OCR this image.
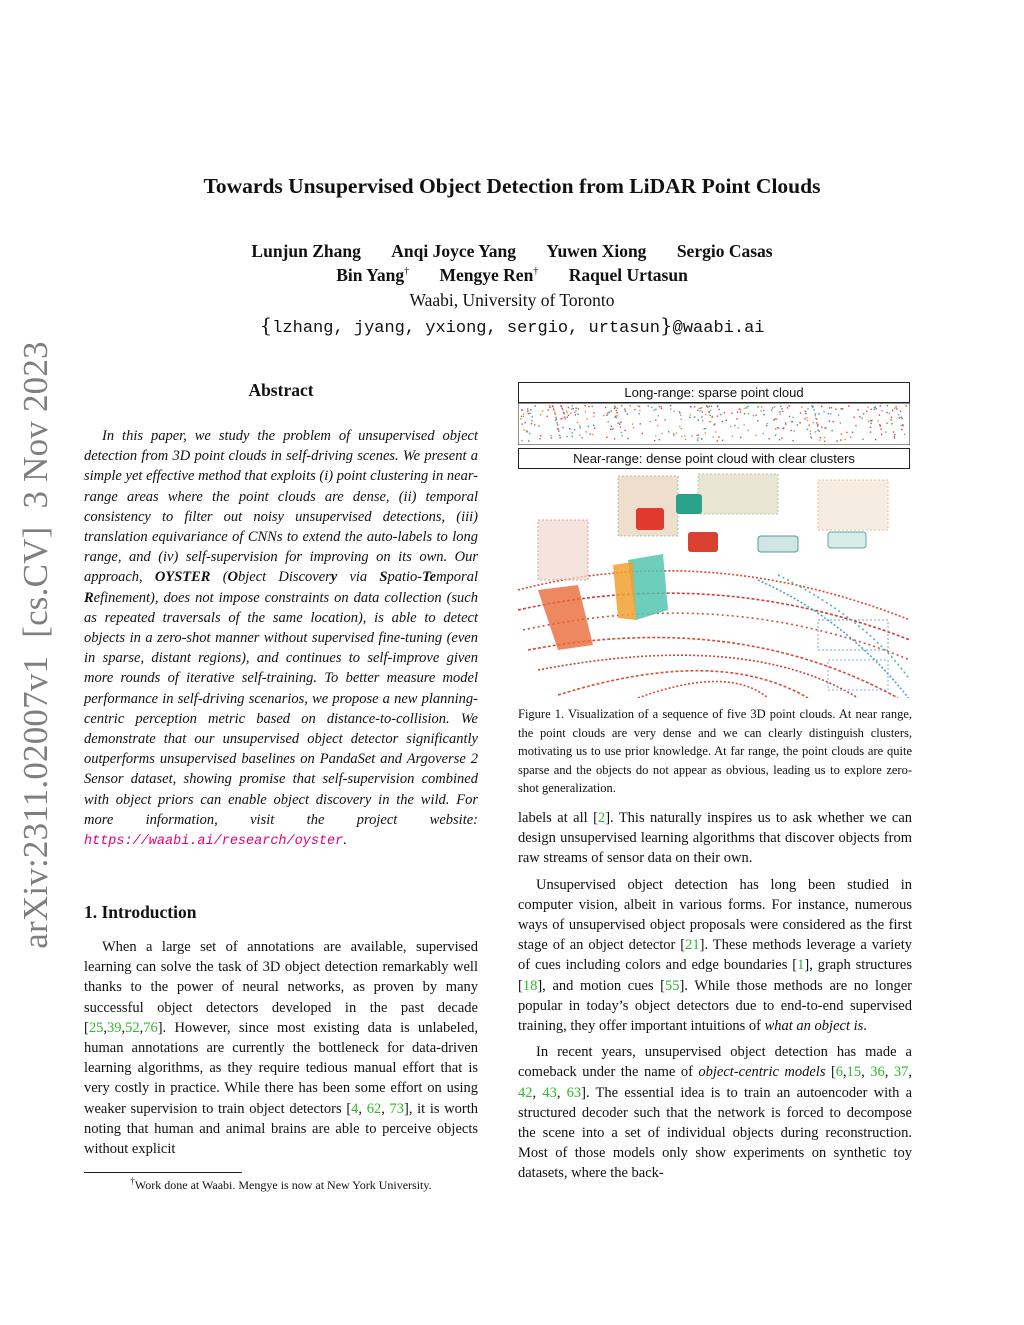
arXiv:2311.02007v1[cs.CV]3 Nov 2023
Towards Unsupervised Object Detection from LiDAR Point Clouds
Lunjun Zhang Anqi Joyce Yang Yuwen Xiong Sergio Casas
Bin Yang† Mengye Ren† Raquel Urtasun
Waabi, University of Toronto
{lzhang, jyang, yxiong, sergio, urtasun}@waabi.ai
Abstract

In this paper, we study the problem of unsupervised object detection from 3D point clouds in self-driving scenes. We present a simple yet effective method that exploits (i) point clustering in near-range areas where the point clouds are dense, (ii) temporal consistency to filter out noisy unsupervised detections, (iii) translation equivariance of CNNs to extend the auto-labels to long range, and (iv) self-supervision for improving on its own. Our approach, OYSTER (Object Discovery via Spatio-Temporal Refinement), does not impose constraints on data collection (such as repeated traversals of the same location), is able to detect objects in a zero-shot manner without supervised fine-tuning (even in sparse, distant regions), and continues to self-improve given more rounds of iterative self-training. To better measure model performance in self-driving scenarios, we propose a new planning-centric perception metric based on distance-to-collision. We demonstrate that our unsupervised object detector significantly outperforms unsupervised baselines on PandaSet and Argoverse 2 Sensor dataset, showing promise that self-supervision combined with object priors can enable object discovery in the wild. For more information, visit the project website: https://waabi.ai/research/oyster.

1. Introduction

When a large set of annotations are available, supervised learning can solve the task of 3D object detection remarkably well thanks to the power of neural networks, as proven by many successful object detectors developed in the past decade [25,39,52,76]. However, since most existing data is unlabeled, human annotations are currently the bottleneck for data-driven learning algorithms, as they require tedious manual effort that is very costly in practice. While there has been some effort on using weaker supervision to train object detectors [4, 62, 73], it is worth noting that human and animal brains are able to perceive objects without explicit

†Work done at Waabi. Mengye is now at New York University.
Long-range: sparse point cloud
Near-range: dense point cloud with clear clusters

Figure 1. Visualization of a sequence of five 3D point clouds. At near range, the point clouds are very dense and we can clearly distinguish clusters, motivating us to use prior knowledge. At far range, the point clouds are quite sparse and the objects do not appear as obvious, leading us to explore zero-shot generalization.

labels at all [2]. This naturally inspires us to ask whether we can design unsupervised learning algorithms that discover objects from raw streams of sensor data on their own.

Unsupervised object detection has long been studied in computer vision, albeit in various forms. For instance, numerous ways of unsupervised object proposals were considered as the first stage of an object detector [21]. These methods leverage a variety of cues including colors and edge boundaries [1], graph structures [18], and motion cues [55]. While those methods are no longer popular in today’s object detectors due to end-to-end supervised training, they offer important intuitions of what an object is.

In recent years, unsupervised object detection has made a comeback under the name of object-centric models [6,15, 36, 37, 42, 43, 63]. The essential idea is to train an autoencoder with a structured decoder such that the network is forced to decompose the scene into a set of individual objects during reconstruction. Most of those models only show experiments on synthetic toy datasets, where the back-
